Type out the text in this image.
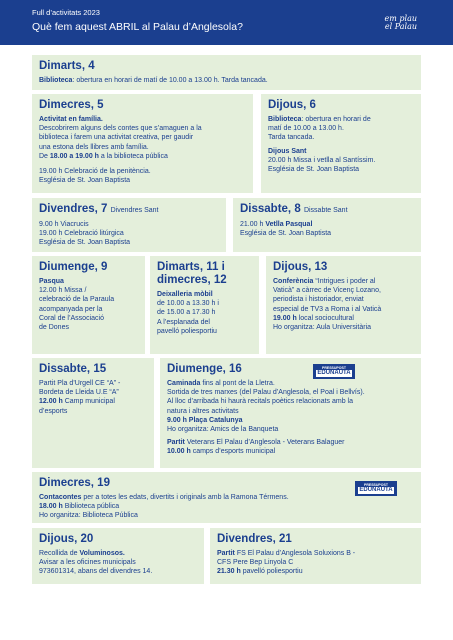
Full d’activitats 2023
Què fem aquest ABRIL al Palau d’Anglesola?
em plau
el Palau
Dimarts, 4
Biblioteca: obertura en horari de matí de 10.00 a 13.00 h. Tarda tancada.
Dimecres, 5
Activitat en família.
Descobrirem alguns dels contes que s’amaguen a la
biblioteca i farem una activitat creativa, per gaudir
una estona dels llibres amb família.
De 18.00 a 19.00 h a la biblioteca pública
19.00 h Celebració de la penitència.
Església de St. Joan Baptista
Dijous, 6
Biblioteca: obertura en horari de
matí de 10.00 a 13.00 h.
Tarda tancada.
Dijous Sant
20.00 h Missa i vetlla al Santíssim.
Església de St. Joan Baptista
Divendres, 7 Divendres Sant
9.00 h Viacrucis
19.00 h Celebració litúrgica
Església de St. Joan Baptista
Dissabte, 8 Dissabte Sant
21.00 h Vetlla Pasqual
Església de St. Joan Baptista
Diumenge, 9
Pasqua
12.00 h Missa /
celebració de la Paraula
acompanyada per la
Coral de l’Associació
de Dones
Dimarts, 11 i dimecres, 12
Deixalleria mòbil
de 10.00 a 13.30 h i
de 15.00 a 17.30 h
A l’esplanada del
pavelló poliesportiu
Dijous, 13
Conferència “Intrigues i poder al
Vaticà” a càrrec de Vicenç Lozano,
periodista i historiador, enviat
especial de TV3 a Roma i al Vaticà
19.00 h local sociocultural
Ho organitza: Aula Universitària
Dissabte, 15
Partit Pla d’Urgell CE “A” -
Bordeta de Lleida U.E “A”
12.00 h Camp municipal
d’esports
Diumenge, 16
Caminada fins al pont de la Lletra.
Sortida de tres marxes (del Palau d’Anglesola, el Poal i Bellvís).
Al lloc d’arribada hi haurà recitals poètics relacionats amb la
natura i altres activitats
9.00 h Plaça Catalunya
Ho organitza: Amics de la Banqueta
Partit Veterans El Palau d’Anglesola - Veterans Balaguer
10.00 h camps d’esports municipal
PRESSUPOST
EDUNAUTA
Dimecres, 19
Contacontes per a totes les edats, divertits i originals amb la Ramona Térmens.
18.00 h Biblioteca pública
Ho organitza: Biblioteca Pública
PRESSUPOST
EDUNAUTA
Dijous, 20
Recollida de Voluminosos.
Avisar a les oficines municipals
973601314, abans del divendres 14.
Divendres, 21
Partit FS El Palau d’Anglesola Soluxions B -
CFS Pere Bep Linyola C
21.30 h pavelló poliesportiu
